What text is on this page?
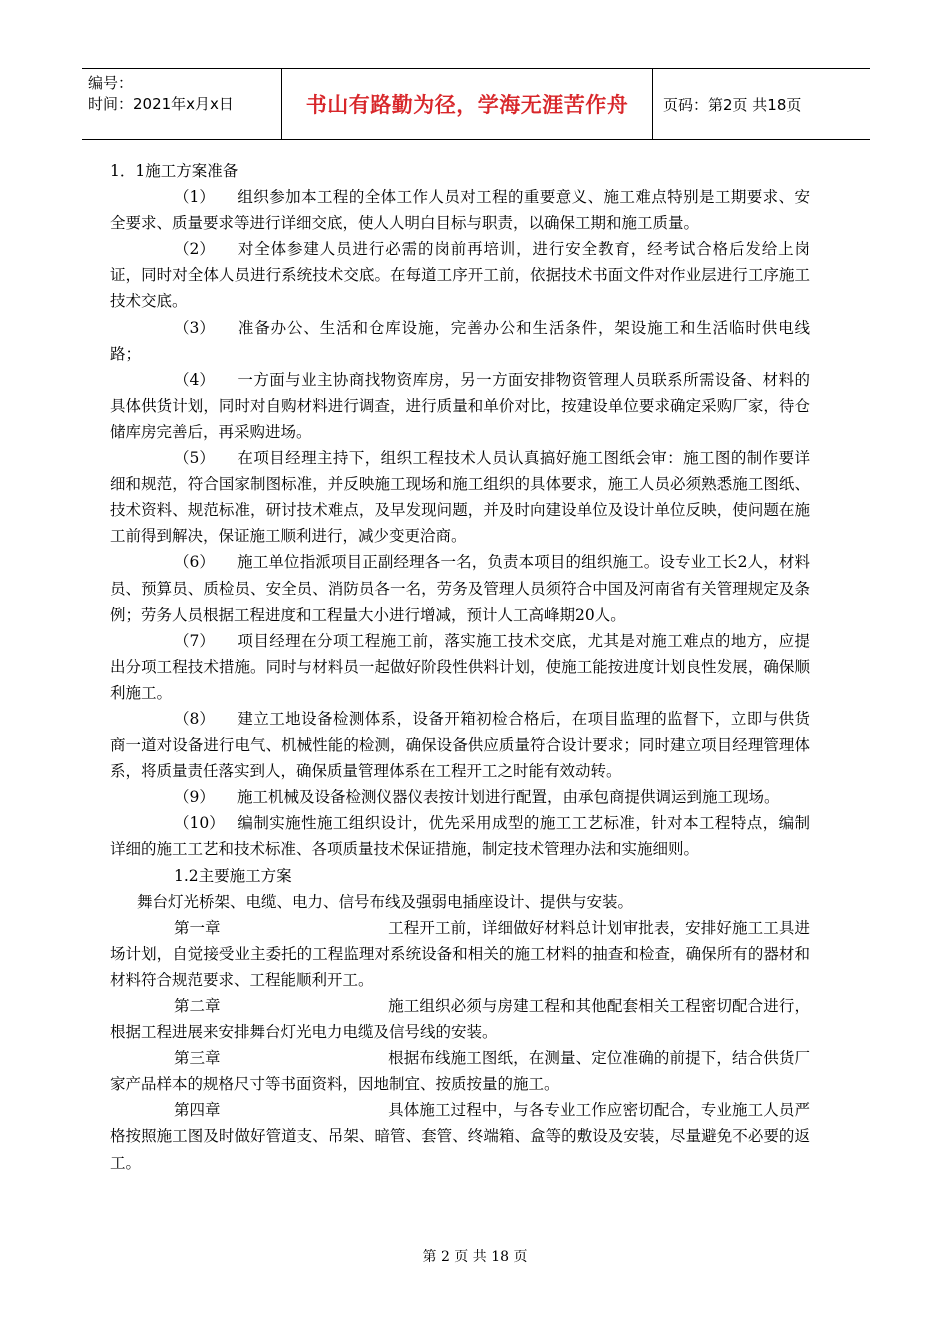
编号：
时间：2021年x月x日	书山有路勤为径，学海无涯苦作舟	页码：第2页 共18页

1．1施工方案准备

（1） 组织参加本工程的全体工作人员对工程的重要意义、施工难点特别是工期要求、安全要求、质量要求等进行详细交底，使人人明白目标与职责，以确保工期和施工质量。

（2） 对全体参建人员进行必需的岗前再培训，进行安全教育，经考试合格后发给上岗证，同时对全体人员进行系统技术交底。在每道工序开工前，依据技术书面文件对作业层进行工序施工技术交底。

（3） 准备办公、生活和仓库设施，完善办公和生活条件，架设施工和生活临时供电线路；

（4） 一方面与业主协商找物资库房，另一方面安排物资管理人员联系所需设备、材料的具体供货计划，同时对自购材料进行调查，进行质量和单价对比，按建设单位要求确定采购厂家，待仓储库房完善后，再采购进场。

（5） 在项目经理主持下，组织工程技术人员认真搞好施工图纸会审：施工图的制作要详细和规范，符合国家制图标准，并反映施工现场和施工组织的具体要求，施工人员必须熟悉施工图纸、技术资料、规范标准，研讨技术难点，及早发现问题，并及时向建设单位及设计单位反映，使问题在施工前得到解决，保证施工顺利进行，减少变更洽商。

（6） 施工单位指派项目正副经理各一名，负责本项目的组织施工。设专业工长2人，材料员、预算员、质检员、安全员、消防员各一名，劳务及管理人员须符合中国及河南省有关管理规定及条例；劳务人员根据工程进度和工程量大小进行增减，预计人工高峰期20人。

（7） 项目经理在分项工程施工前，落实施工技术交底，尤其是对施工难点的地方，应提出分项工程技术措施。同时与材料员一起做好阶段性供料计划，使施工能按进度计划良性发展，确保顺利施工。

（8） 建立工地设备检测体系，设备开箱初检合格后，在项目监理的监督下，立即与供货商一道对设备进行电气、机械性能的检测，确保设备供应质量符合设计要求；同时建立项目经理管理体系，将质量责任落实到人，确保质量管理体系在工程开工之时能有效动转。

（9） 施工机械及设备检测仪器仪表按计划进行配置，由承包商提供调运到施工现场。

（10） 编制实施性施工组织设计，优先采用成型的施工工艺标准，针对本工程特点，编制详细的施工工艺和技术标准、各项质量技术保证措施，制定技术管理办法和实施细则。

1.2主要施工方案

舞台灯光桥架、电缆、电力、信号布线及强弱电插座设计、提供与安装。

第一章	工程开工前，详细做好材料总计划审批表，安排好施工工具进场计划，自觉接受业主委托的工程监理对系统设备和相关的施工材料的抽查和检查，确保所有的器材和材料符合规范要求、工程能顺利开工。

第二章	施工组织必须与房建工程和其他配套相关工程密切配合进行，根据工程进展来安排舞台灯光电力电缆及信号线的安装。

第三章	根据布线施工图纸，在测量、定位准确的前提下，结合供货厂家产品样本的规格尺寸等书面资料，因地制宜、按质按量的施工。

第四章	具体施工过程中，与各专业工作应密切配合，专业施工人员严格按照施工图及时做好管道支、吊架、暗管、套管、终端箱、盒等的敷设及安装，尽量避免不必要的返工。

第 2 页 共 18 页
